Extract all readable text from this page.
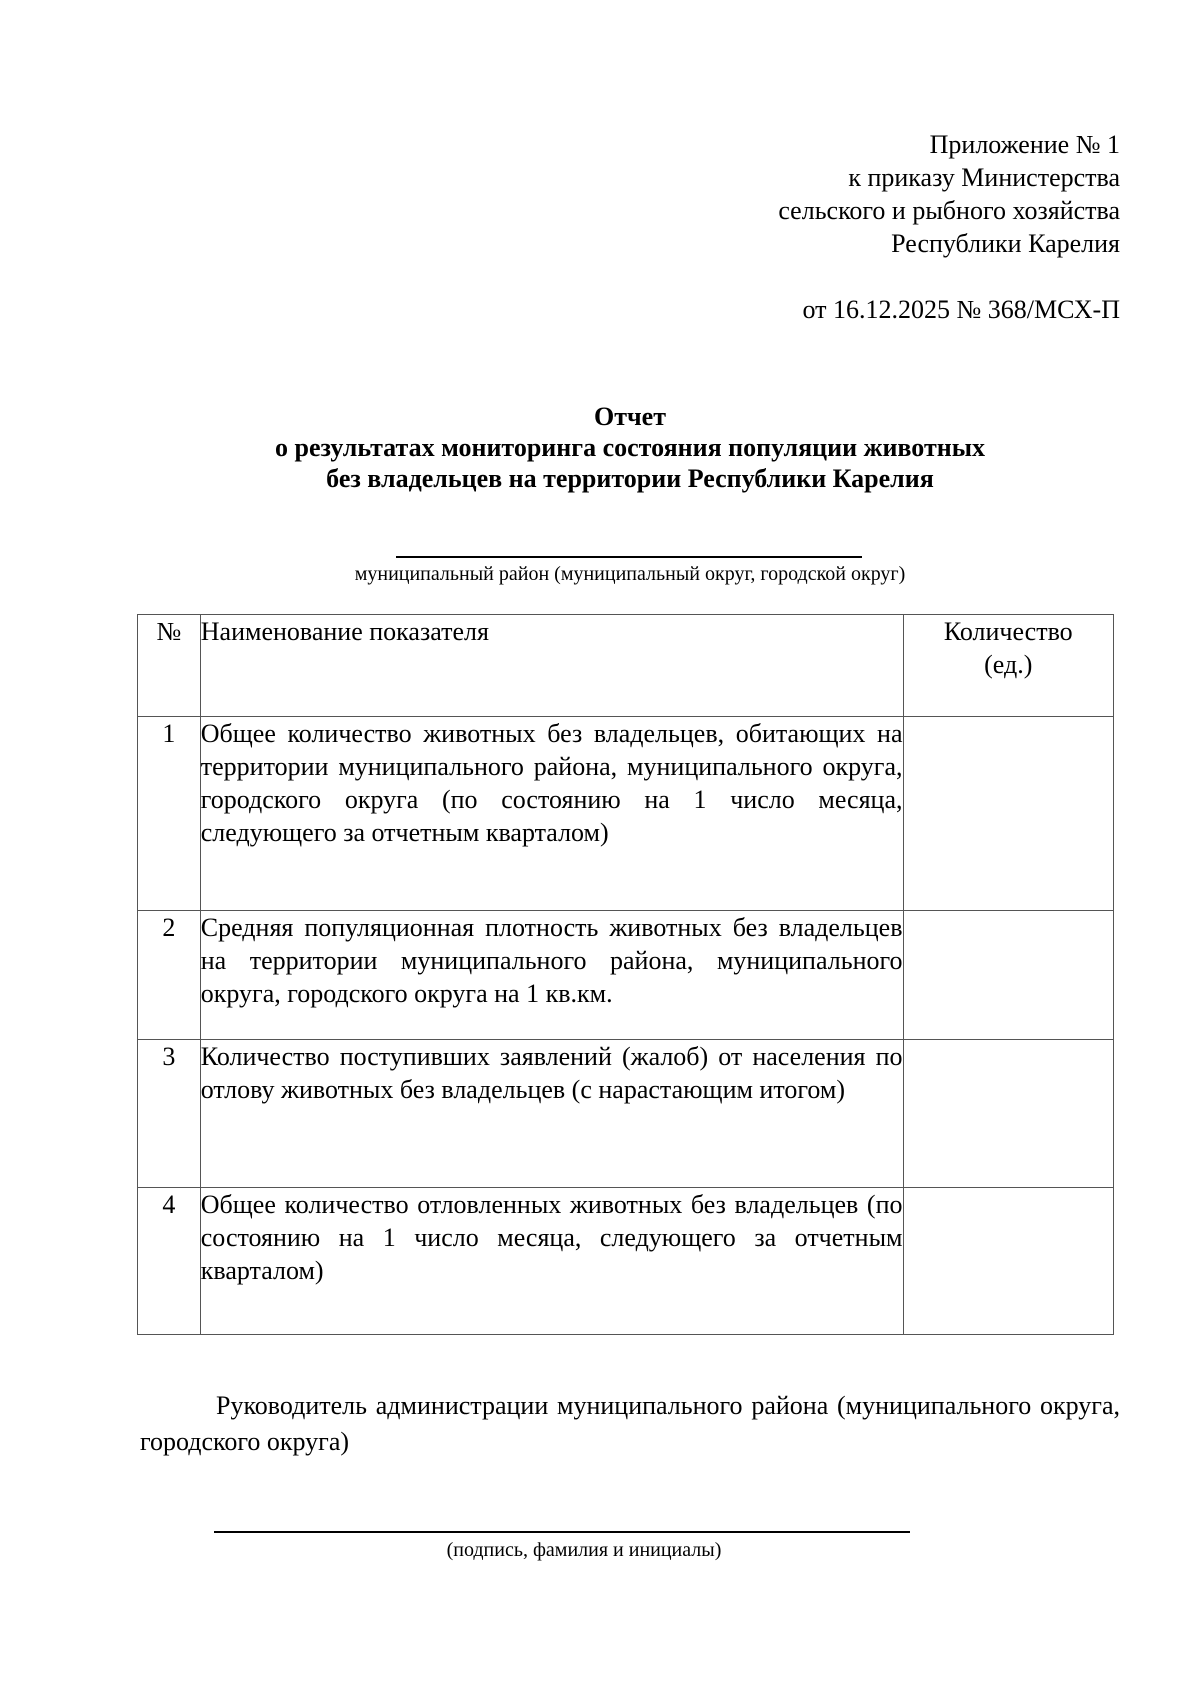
Приложение № 1
к приказу Министерства
сельского и рыбного хозяйства
Республики Карелия
от 16.12.2025 № 368/МСХ-П
Отчет
о результатах мониторинга состояния популяции животных
без владельцев на территории Республики Карелия
муниципальный район (муниципальный округ, городской округ)
№	Наименование показателя	Количество
(ед.)

1	Общее количество животных без владельцев, обитающих на территории муниципального района, муниципального округа, городского округа (по состоянию на 1 число месяца, следующего за отчетным кварталом)	
2	Средняя популяционная плотность животных без владельцев на территории муниципального района, муниципального округа, городского округа на 1 кв.км.	
3	Количество поступивших заявлений (жалоб) от населения по отлову животных без владельцев (с нарастающим итогом)	
4	Общее количество отловленных животных без владельцев (по состоянию на 1 число месяца, следующего за отчетным кварталом)	
Руководитель администрации муниципального района (муниципального округа, городского округа)
(подпись, фамилия и инициалы)
